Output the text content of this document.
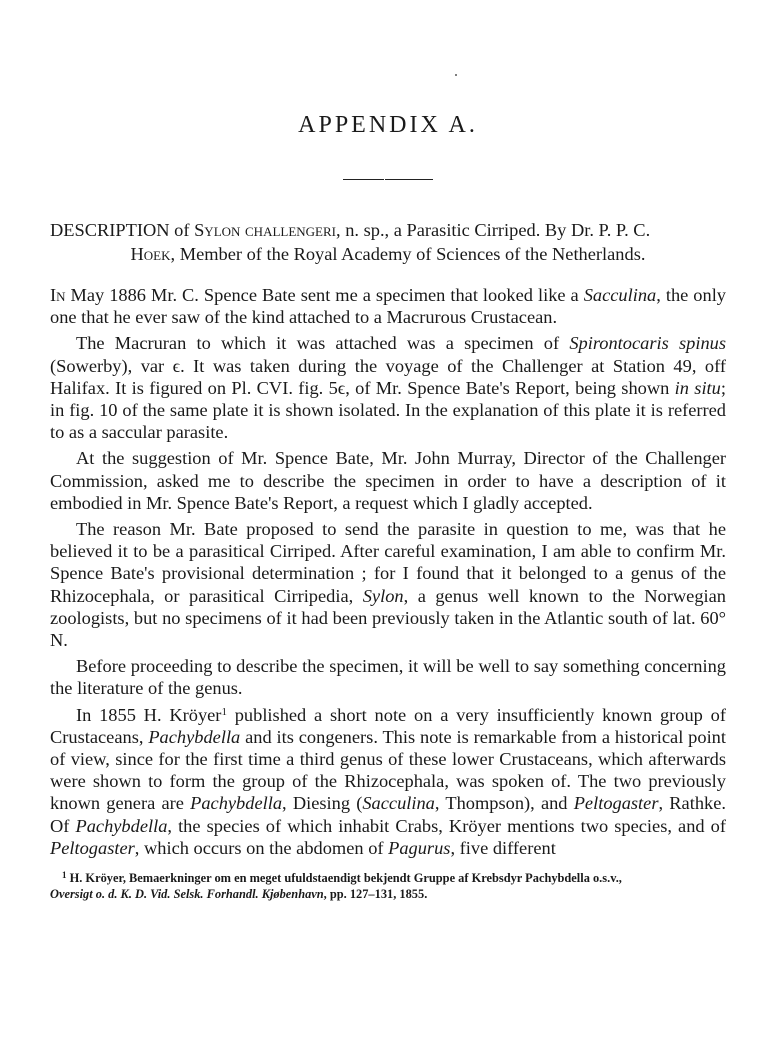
APPENDIX A.
DESCRIPTION of Sylon challengeri, n. sp., a Parasitic Cirriped. By Dr. P. P. C.
Hoek, Member of the Royal Academy of Sciences of the Netherlands.

In May 1886 Mr. C. Spence Bate sent me a specimen that looked like a Sacculina, the only one that he ever saw of the kind attached to a Macrurous Crustacean.

The Macruran to which it was attached was a specimen of Spirontocaris spinus (Sowerby), var ϵ. It was taken during the voyage of the Challenger at Station 49, off Halifax. It is figured on Pl. CVI. fig. 5ϵ, of Mr. Spence Bate's Report, being shown in situ; in fig. 10 of the same plate it is shown isolated. In the explanation of this plate it is referred to as a saccular parasite.

At the suggestion of Mr. Spence Bate, Mr. John Murray, Director of the Challenger Commission, asked me to describe the specimen in order to have a description of it embodied in Mr. Spence Bate's Report, a request which I gladly accepted.

The reason Mr. Bate proposed to send the parasite in question to me, was that he believed it to be a parasitical Cirriped. After careful examination, I am able to confirm Mr. Spence Bate's provisional determination ; for I found that it belonged to a genus of the Rhizocephala, or parasitical Cirripedia, Sylon, a genus well known to the Norwegian zoologists, but no specimens of it had been previously taken in the Atlantic south of lat. 60° N.

Before proceeding to describe the specimen, it will be well to say something concerning the literature of the genus.

In 1855 H. Kröyer$^1$ published a short note on a very insufficiently known group of Crustaceans, Pachybdella and its congeners. This note is remarkable from a historical point of view, since for the first time a third genus of these lower Crustaceans, which afterwards were shown to form the group of the Rhizocephala, was spoken of. The two previously known genera are Pachybdella, Diesing (Sacculina, Thompson), and Peltogaster, Rathke. Of Pachybdella, the species of which inhabit Crabs, Kröyer mentions two species, and of Peltogaster, which occurs on the abdomen of Pagurus, five different

$^1$ H. Kröyer, Bemaerkninger om en meget ufuldstaendigt bekjendt Gruppe af Krebsdyr Pachybdella o.s.v.,
Oversigt o. d. K. D. Vid. Selsk. Forhandl. Kjøbenhavn, pp. 127–131, 1855.
